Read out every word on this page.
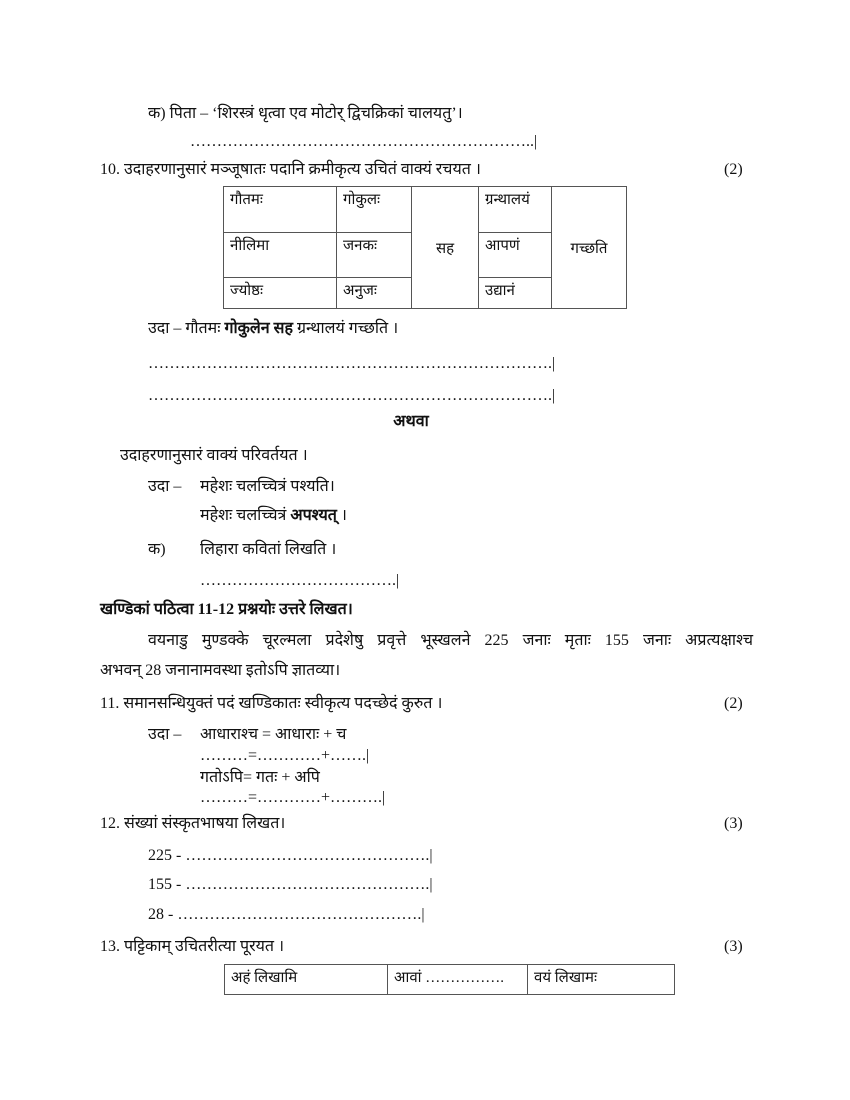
क) पिता – ‘शिरस्त्रं धृत्वा एव मोटोर् द्विचक्रिकां चालयतु’।
………………………………………………………..|
10. उदाहरणानुसारं मञ्जूषातः पदानि क्रमीकृत्य उचितं वाक्यं रचयत ।	(2)
गौतमः	गोकुलः	सह	ग्रन्थालयं	गच्छति
नीलिमा	जनकः		आपणं	
ज्योष्ठः	अनुजः		उद्यानं	
उदा – गौतमः गोकुलेन सह ग्रन्थालयं गच्छति ।
………………………………………………………………….|
………………………………………………………………….|
अथवा
उदाहरणानुसारं वाक्यं परिवर्तयत ।
उदा – महेशः चलच्चित्रं पश्यति।
महेशः चलच्चित्रं अपश्यत् ।
क) लिहारा कवितां लिखति ।
……………………………….|
खण्डिकां पठित्वा 11-12 प्रश्नयोः उत्तरे लिखत।
वयनाडु मुण्डक्के चूरल्मला प्रदेशेषु प्रवृत्ते भूस्खलने 225 जनाः मृताः 155 जनाः अप्रत्यक्षाश्च
अभवन् 28 जनानामवस्था इतोऽपि ज्ञातव्या।
11. समानसन्धियुक्तं पदं खण्डिकातः स्वीकृत्य पदच्छेदं कुरुत ।	(2)
उदा – आधाराश्च = आधाराः + च
………=…………+…….|
गतोऽपि= गतः + अपि
………=…………+……….|
12. संख्यां संस्कृतभाषया लिखत।	(3)
225 - ……………………………………….|
155 - ……………………………………….|
28 - ……………………………………….|
13. पट्टिकाम् उचितरीत्या पूरयत ।	(3)
अहं लिखामि	आवां …………….	वयं लिखामः
